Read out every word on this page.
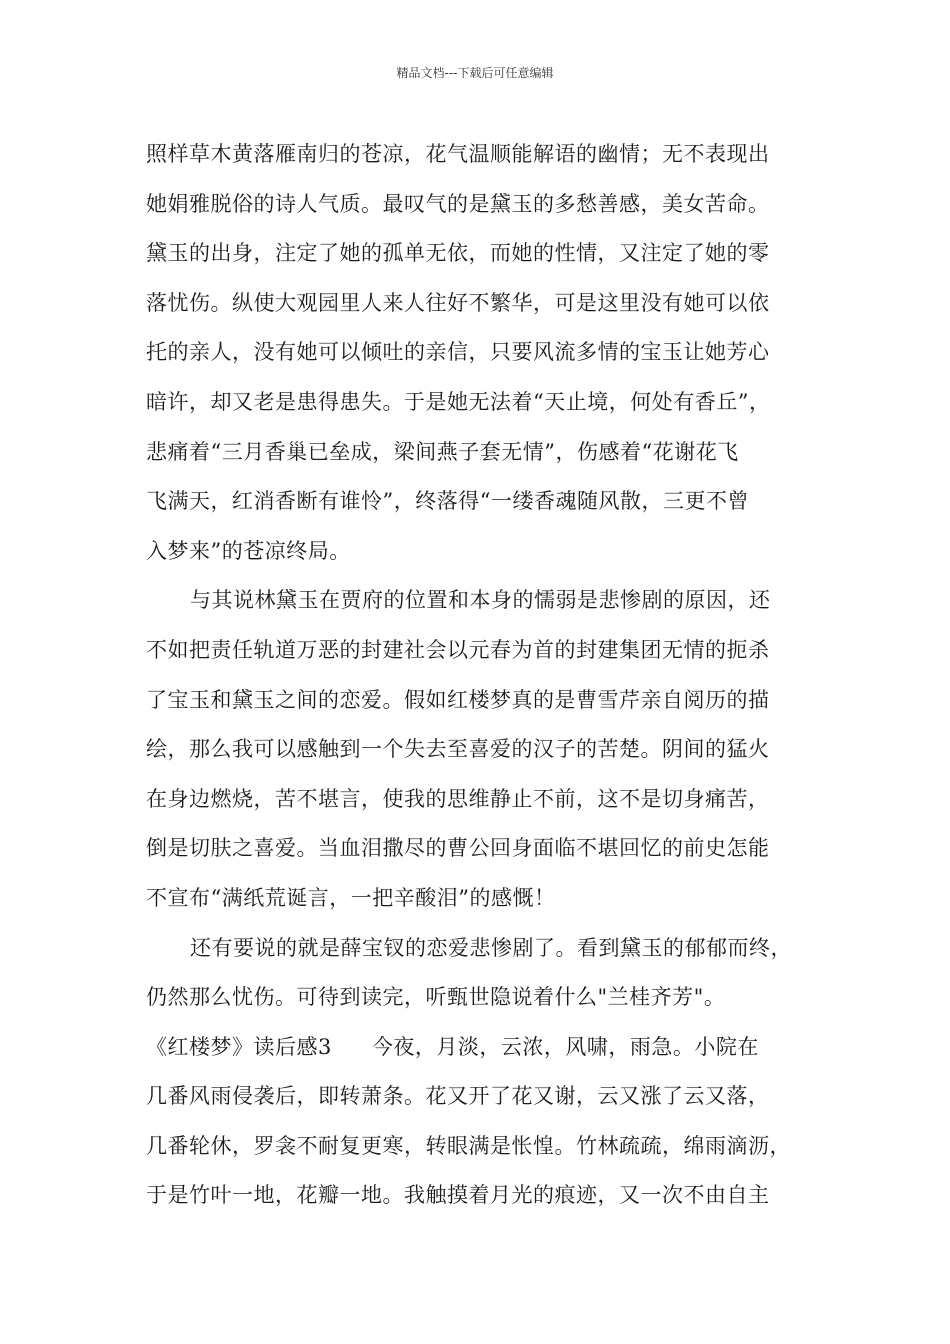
精品文档---下载后可任意编辑
照样草木黄落雁南归的苍凉，花气温顺能解语的幽情；无不表现出
她娟雅脱俗的诗人气质。最叹气的是黛玉的多愁善感，美女苦命。
黛玉的出身，注定了她的孤单无依，而她的性情，又注定了她的零
落忧伤。纵使大观园里人来人往好不繁华，可是这里没有她可以依
托的亲人，没有她可以倾吐的亲信，只要风流多情的宝玉让她芳心
暗许，却又老是患得患失。于是她无法着“天止境，何处有香丘”，
悲痛着“三月香巢已垒成，梁间燕子套无情”，伤感着“花谢花飞
飞满天，红消香断有谁怜”，终落得“一缕香魂随风散，三更不曾
入梦来”的苍凉终局。
与其说林黛玉在贾府的位置和本身的懦弱是悲惨剧的原因，还
不如把责任轨道万恶的封建社会以元春为首的封建集团无情的扼杀
了宝玉和黛玉之间的恋爱。假如红楼梦真的是曹雪芹亲自阅历的描
绘，那么我可以感触到一个失去至喜爱的汉子的苦楚。阴间的猛火
在身边燃烧，苦不堪言，使我的思维静止不前，这不是切身痛苦，
倒是切肤之喜爱。当血泪撒尽的曹公回身面临不堪回忆的前史怎能
不宣布“满纸荒诞言，一把辛酸泪”的感慨！
还有要说的就是薛宝钗的恋爱悲惨剧了。看到黛玉的郁郁而终，
仍然那么忧伤。可待到读完，听甄世隐说着什么"兰桂齐芳"。
《红楼梦》读后感3 今夜，月淡，云浓，风啸，雨急。小院在
几番风雨侵袭后，即转萧条。花又开了花又谢，云又涨了云又落，
几番轮休，罗衾不耐复更寒，转眼满是怅惶。竹林疏疏，绵雨滴沥，
于是竹叶一地，花瓣一地。我触摸着月光的痕迹，又一次不由自主
